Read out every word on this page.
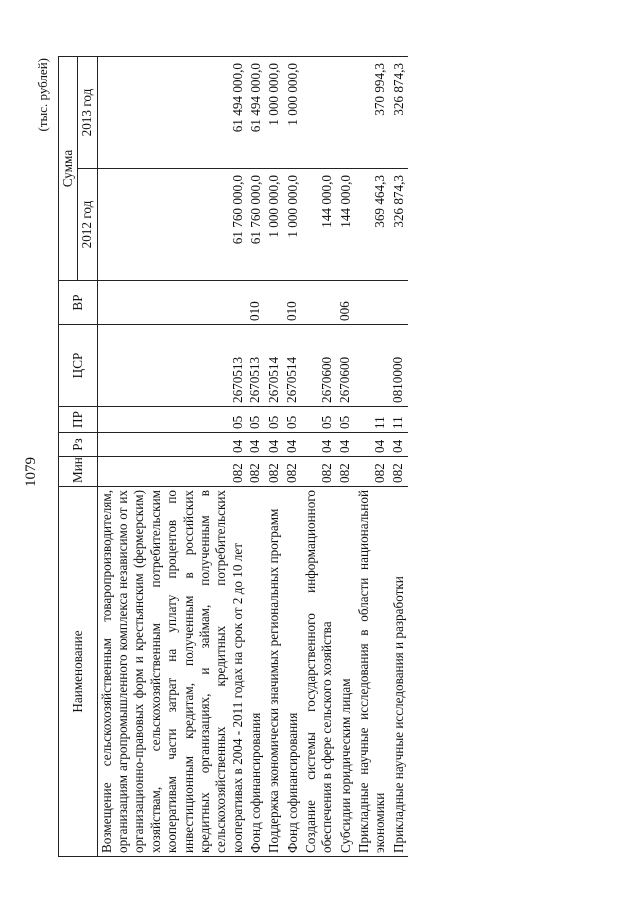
1079
(тыс. рублей)
Наименование	Мин	Рз	ПР	ЦСР	ВР	Сумма	
						2012 год	2013 год
Возмещение сельскохозяйственным товаропроизводителям, организациям агропромышленного комплекса независимо от их организационно-правовых форм и крестьянским (фермерским) хозяйствам, сельскохозяйственным потребительским кооперативам части затрат на уплату процентов по инвестиционным кредитам, полученным в российских кредитных организациях, и займам, полученным в сельскохозяйственных кредитных потребительских кооперативах в 2004 - 2011 годах на срок от 2 до 10 лет	082	04	05	2670513		61 760 000,0	61 494 000,0
Фонд софинансирования	082	04	05	2670513	010	61 760 000,0	61 494 000,0
Поддержка экономически значимых региональных программ	082	04	05	2670514		1 000 000,0	1 000 000,0
Фонд софинансирования	082	04	05	2670514	010	1 000 000,0	1 000 000,0
Создание системы государственного информационного обеспечения в сфере сельского хозяйства	082	04	05	2670600		144 000,0	
Субсидии юридическим лицам	082	04	05	2670600	006	144 000,0	
Прикладные научные исследования в области национальной экономики	082	04	11			369 464,3	370 994,3
Прикладные научные исследования и разработки	082	04	11	0810000		326 874,3	326 874,3
